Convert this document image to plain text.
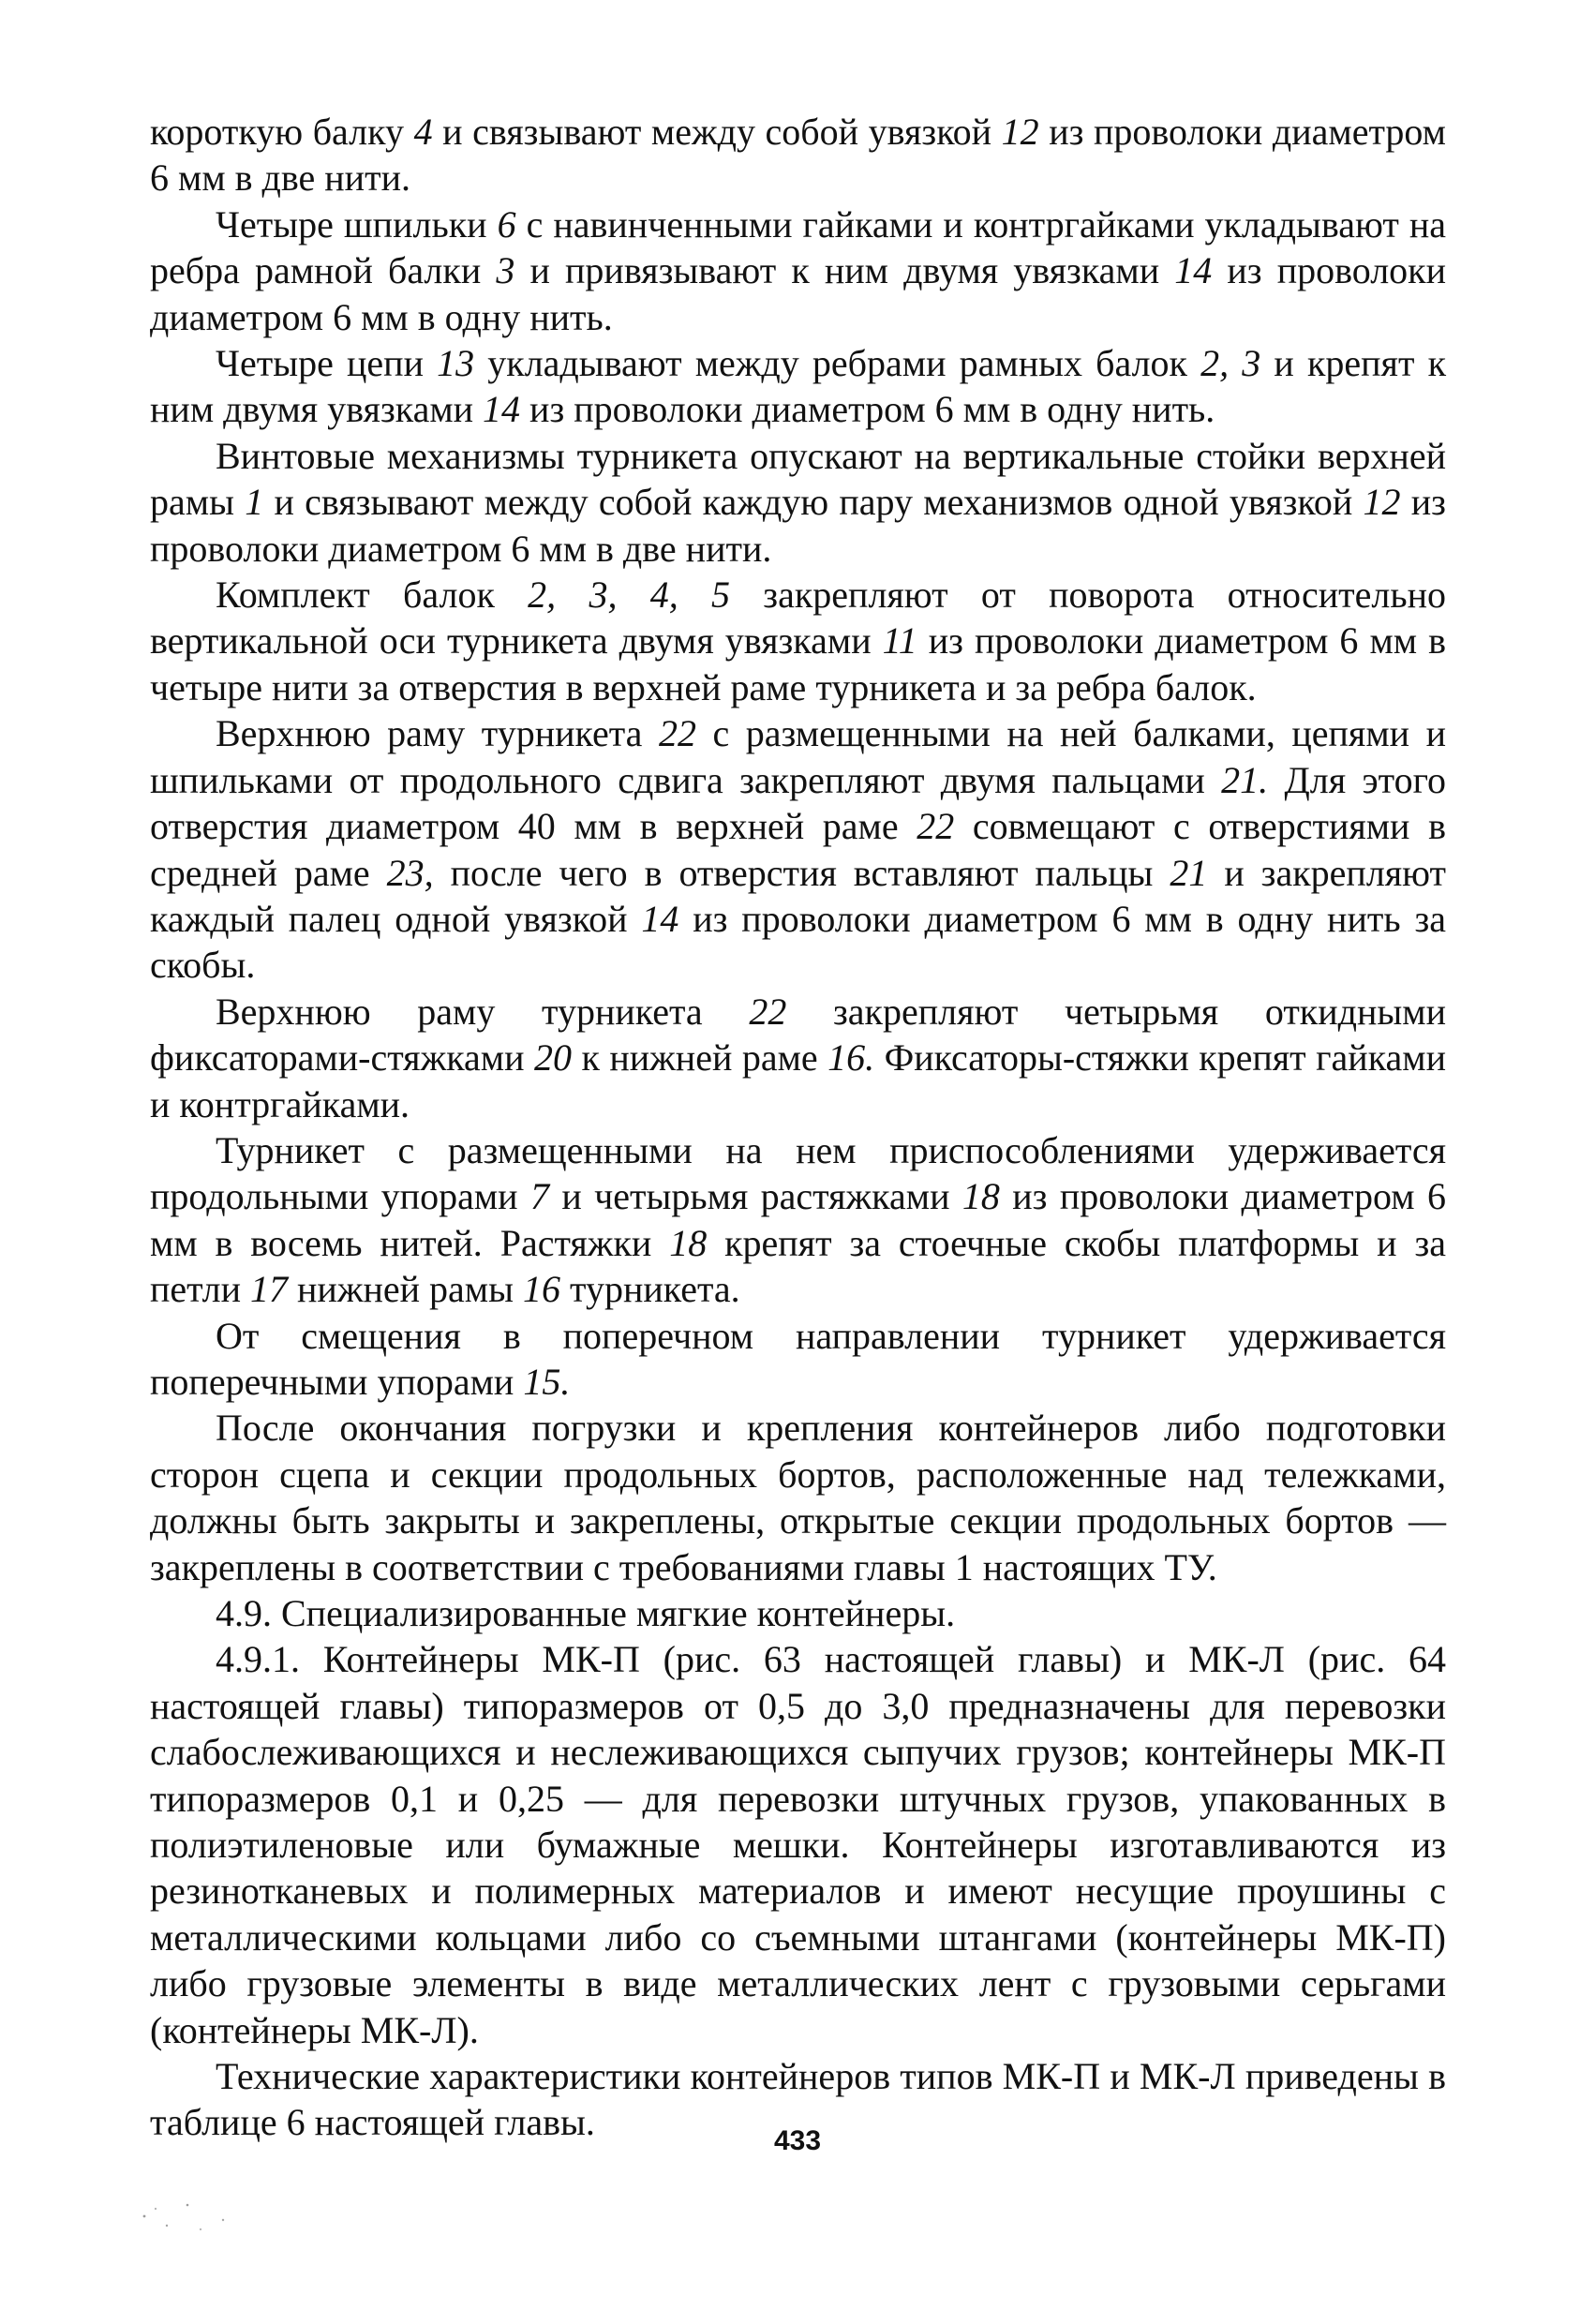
короткую балку 4 и связывают между собой увязкой 12 из проволоки диаметром 6 мм в две нити.

Четыре шпильки 6 с навинченными гайками и контргайками укладывают на ребра рамной балки 3 и привязывают к ним двумя увязками 14 из проволоки диаметром 6 мм в одну нить.

Четыре цепи 13 укладывают между ребрами рамных балок 2, 3 и крепят к ним двумя увязками 14 из проволоки диаметром 6 мм в одну нить.

Винтовые механизмы турникета опускают на вертикальные стойки верхней рамы 1 и связывают между собой каждую пару механизмов одной увязкой 12 из проволоки диаметром 6 мм в две нити.

Комплект балок 2, 3, 4, 5 закрепляют от поворота относительно вертикальной оси турникета двумя увязками 11 из проволоки диаметром 6 мм в четыре нити за отверстия в верхней раме турникета и за ребра балок.

Верхнюю раму турникета 22 с размещенными на ней балками, цепями и шпильками от продольного сдвига закрепляют двумя пальцами 21. Для этого отверстия диаметром 40 мм в верхней раме 22 совмещают с отверстиями в средней раме 23, после чего в отверстия вставляют пальцы 21 и закрепляют каждый палец одной увязкой 14 из проволоки диаметром 6 мм в одну нить за скобы.

Верхнюю раму турникета 22 закрепляют четырьмя откидными фиксаторами-стяжками 20 к нижней раме 16. Фиксаторы-стяжки крепят гайками и контргайками.

Турникет с размещенными на нем приспособлениями удерживается продольными упорами 7 и четырьмя растяжками 18 из проволоки диаметром 6 мм в восемь нитей. Растяжки 18 крепят за стоечные скобы платформы и за петли 17 нижней рамы 16 турникета.

От смещения в поперечном направлении турникет удерживается поперечными упорами 15.

После окончания погрузки и крепления контейнеров либо подготовки сторон сцепа и секции продольных бортов, расположенные над тележками, должны быть закрыты и закреплены, открытые секции продольных бортов — закреплены в соответствии с требованиями главы 1 настоящих ТУ.

4.9. Специализированные мягкие контейнеры.

4.9.1. Контейнеры МК-П (рис. 63 настоящей главы) и МК-Л (рис. 64 настоящей главы) типоразмеров от 0,5 до 3,0 предназначены для перевозки слабослеживающихся и неслеживающихся сыпучих грузов; контейнеры МК-П типоразмеров 0,1 и 0,25 — для перевозки штучных грузов, упакованных в полиэтиленовые или бумажные мешки. Контейнеры изготавливаются из резинотканевых и полимерных материалов и имеют несущие проушины с металлическими кольцами либо со съемными штангами (контейнеры МК-П) либо грузовые элементы в виде металлических лент с грузовыми серьгами (контейнеры МК-Л).

Технические характеристики контейнеров типов МК-П и МК-Л приведены в таблице 6 настоящей главы.	433
